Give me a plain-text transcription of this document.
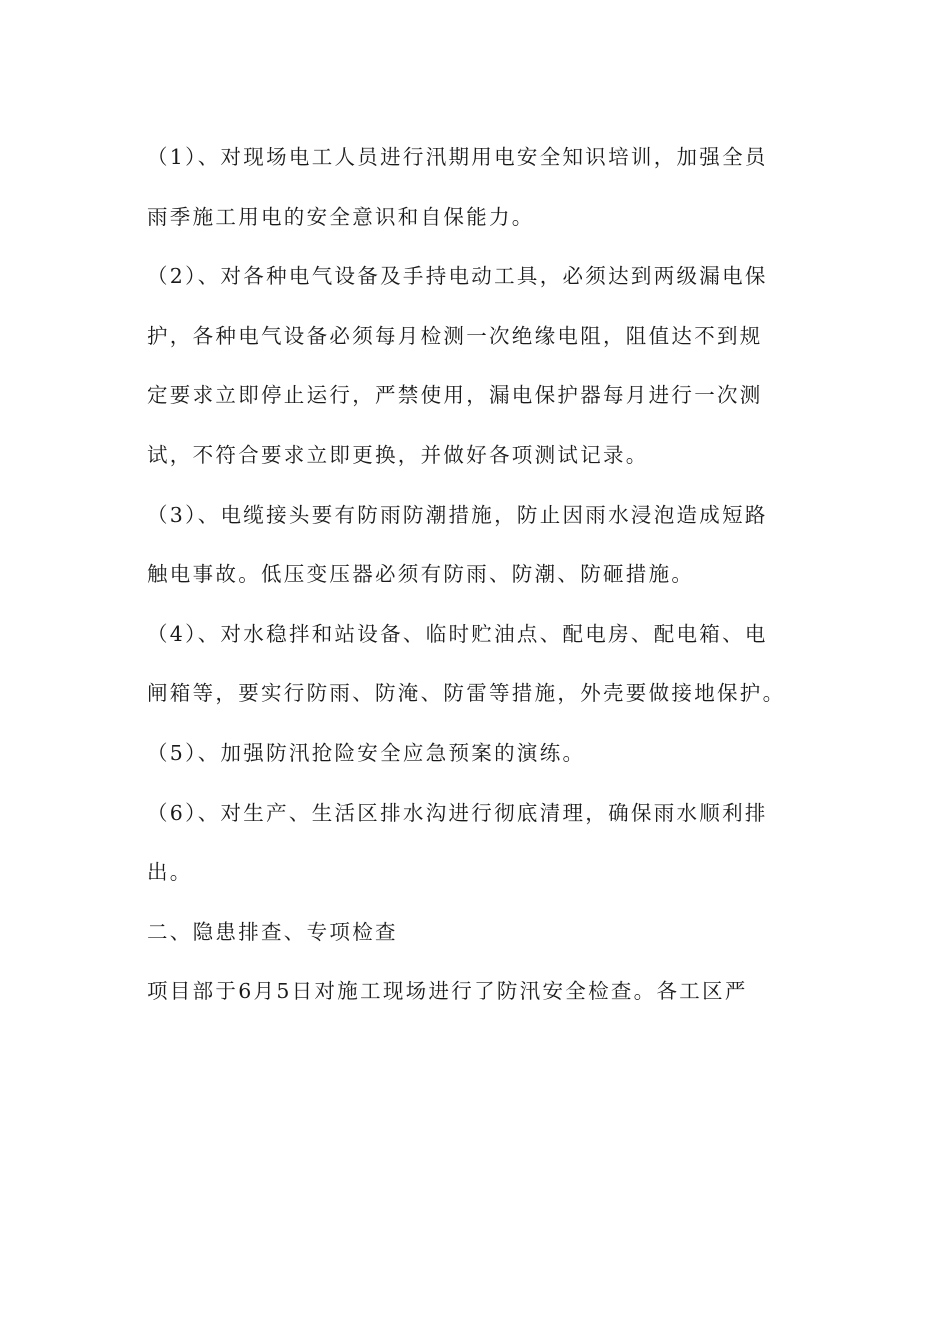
（1）、对现场电工人员进行汛期用电安全知识培训，加强全员
雨季施工用电的安全意识和自保能力。
（2）、对各种电气设备及手持电动工具，必须达到两级漏电保
护，各种电气设备必须每月检测一次绝缘电阻，阻值达不到规
定要求立即停止运行，严禁使用，漏电保护器每月进行一次测
试，不符合要求立即更换，并做好各项测试记录。
（3）、电缆接头要有防雨防潮措施，防止因雨水浸泡造成短路
触电事故。低压变压器必须有防雨、防潮、防砸措施。
（4）、对水稳拌和站设备、临时贮油点、配电房、配电箱、电
闸箱等，要实行防雨、防淹、防雷等措施，外壳要做接地保护。
（5）、加强防汛抢险安全应急预案的演练。
（6）、对生产、生活区排水沟进行彻底清理，确保雨水顺利排
出。
二、隐患排查、专项检查
项目部于6月5日对施工现场进行了防汛安全检查。各工区严
